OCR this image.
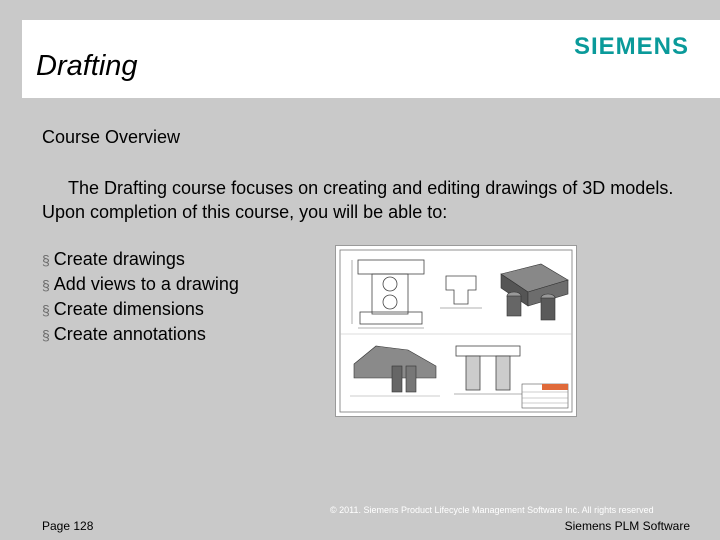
Drafting
SIEMENS
Course Overview
The Drafting course focuses on creating and editing drawings of 3D models. Upon completion of this course, you will be able to:
§ Create drawings
§ Add views to a drawing
§ Create dimensions
§ Create annotations
© 2011. Siemens Product Lifecycle Management Software Inc. All rights reserved
Page 128	Siemens PLM Software
